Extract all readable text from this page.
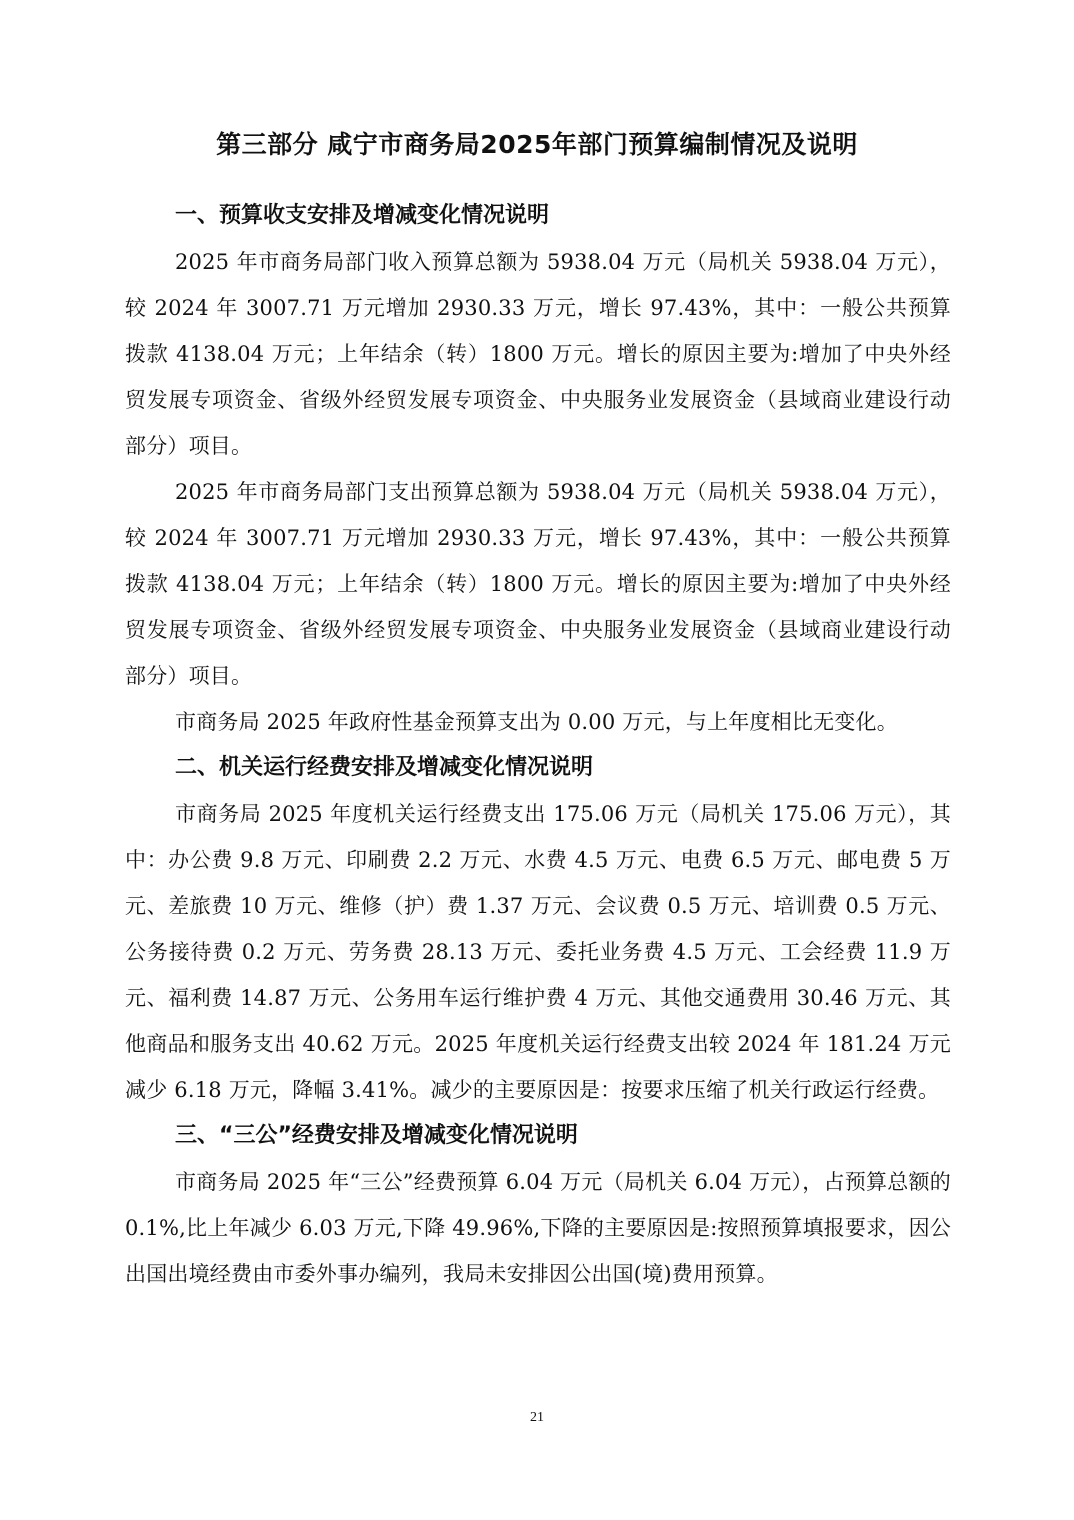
第三部分 咸宁市商务局2025年部门预算编制情况及说明
一、预算收支安排及增减变化情况说明

2025 年市商务局部门收入预算总额为 5938.04 万元（局机关 5938.04 万元），较 2024 年 3007.71 万元增加 2930.33 万元，增长 97.43%，其中：一般公共预算拨款 4138.04 万元；上年结余（转）1800 万元。增长的原因主要为:增加了中央外经贸发展专项资金、省级外经贸发展专项资金、中央服务业发展资金（县域商业建设行动部分）项目。

2025 年市商务局部门支出预算总额为 5938.04 万元（局机关 5938.04 万元），较 2024 年 3007.71 万元增加 2930.33 万元，增长 97.43%，其中：一般公共预算拨款 4138.04 万元；上年结余（转）1800 万元。增长的原因主要为:增加了中央外经贸发展专项资金、省级外经贸发展专项资金、中央服务业发展资金（县域商业建设行动部分）项目。

市商务局 2025 年政府性基金预算支出为 0.00 万元，与上年度相比无变化。

二、机关运行经费安排及增减变化情况说明

市商务局 2025 年度机关运行经费支出 175.06 万元（局机关 175.06 万元），其中：办公费 9.8 万元、印刷费 2.2 万元、水费 4.5 万元、电费 6.5 万元、邮电费 5 万元、差旅费 10 万元、维修（护）费 1.37 万元、会议费 0.5 万元、培训费 0.5 万元、公务接待费 0.2 万元、劳务费 28.13 万元、委托业务费 4.5 万元、工会经费 11.9 万元、福利费 14.87 万元、公务用车运行维护费 4 万元、其他交通费用 30.46 万元、其他商品和服务支出 40.62 万元。2025 年度机关运行经费支出较 2024 年 181.24 万元减少 6.18 万元，降幅 3.41%。减少的主要原因是：按要求压缩了机关行政运行经费。

三、“三公”经费安排及增减变化情况说明

市商务局 2025 年“三公”经费预算 6.04 万元（局机关 6.04 万元），占预算总额的 0.1%,比上年减少 6.03 万元,下降 49.96%,下降的主要原因是:按照预算填报要求，因公出国出境经费由市委外事办编列，我局未安排因公出国(境)费用预算。

21
